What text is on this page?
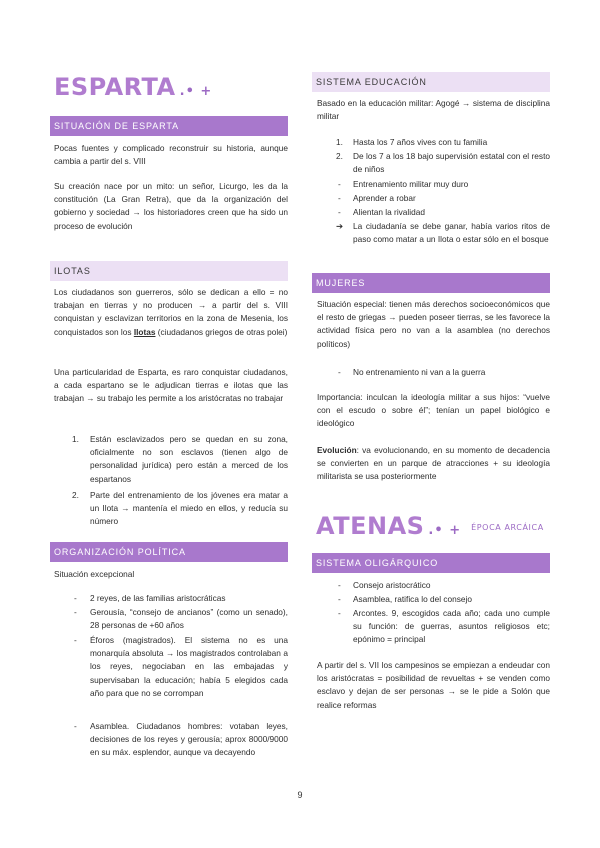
ESPARTA .• +
SITUACIÓN DE ESPARTA
Pocas fuentes y complicado reconstruir su historia, aunque cambia a partir del s. VIII
Su creación nace por un mito: un señor, Licurgo, les da la constitución (La Gran Retra), que da la organización del gobierno y sociedad → los historiadores creen que ha sido un proceso de evolución
ILOTAS
Los ciudadanos son guerreros, sólo se dedican a ello = no trabajan en tierras y no producen → a partir del s. VIII conquistan y esclavizan territorios en la zona de Mesenia, los conquistados son los Ilotas (ciudadanos griegos de otras polei)
Una particularidad de Esparta, es raro conquistar ciudadanos, a cada espartano se le adjudican tierras e ilotas que las trabajan → su trabajo les permite a los aristócratas no trabajar
1. Están esclavizados pero se quedan en su zona, oficialmente no son esclavos (tienen algo de personalidad jurídica) pero están a merced de los espartanos
2. Parte del entrenamiento de los jóvenes era matar a un Ilota → mantenía el miedo en ellos, y reducía su número
ORGANIZACIÓN POLÍTICA
Situación excepcional
- 2 reyes, de las familias aristocráticas
- Gerousía, “consejo de ancianos” (como un senado), 28 personas de +60 años
- Éforos (magistrados). El sistema no es una monarquía absoluta → los magistrados controlaban a los reyes, negociaban en las embajadas y supervisaban la educación; había 5 elegidos cada año para que no se corrompan
- Asamblea. Ciudadanos hombres: votaban leyes, decisiones de los reyes y gerousía; aprox 8000/9000 en su máx. esplendor, aunque va decayendo
SISTEMA EDUCACIÓN
Basado en la educación militar: Agogé → sistema de disciplina militar
1. Hasta los 7 años vives con tu familia
2. De los 7 a los 18 bajo supervisión estatal con el resto de niños
- Entrenamiento militar muy duro
- Aprender a robar
- Alientan la rivalidad
➔ La ciudadanía se debe ganar, había varios ritos de paso como matar a un Ilota o estar sólo en el bosque
MUJERES
Situación especial: tienen más derechos socioeconómicos que el resto de griegas → pueden poseer tierras, se les favorece la actividad física pero no van a la asamblea (no derechos políticos)
- No entrenamiento ni van a la guerra
Importancia: inculcan la ideología militar a sus hijos: “vuelve con el escudo o sobre él”; tenían un papel biológico e ideológico
Evolución: va evolucionando, en su momento de decadencia se convierten en un parque de atracciones + su ideología militarista se usa posteriormente
ATENAS .• + ÉPOCA ARCÁICA
SISTEMA OLIGÁRQUICO
- Consejo aristocrático
- Asamblea, ratifica lo del consejo
- Arcontes. 9, escogidos cada año; cada uno cumple su función: de guerras, asuntos religiosos etc; epónimo = principal
A partir del s. VII los campesinos se empiezan a endeudar con los aristócratas = posibilidad de revueltas + se venden como esclavo y dejan de ser personas → se le pide a Solón que realice reformas
9
